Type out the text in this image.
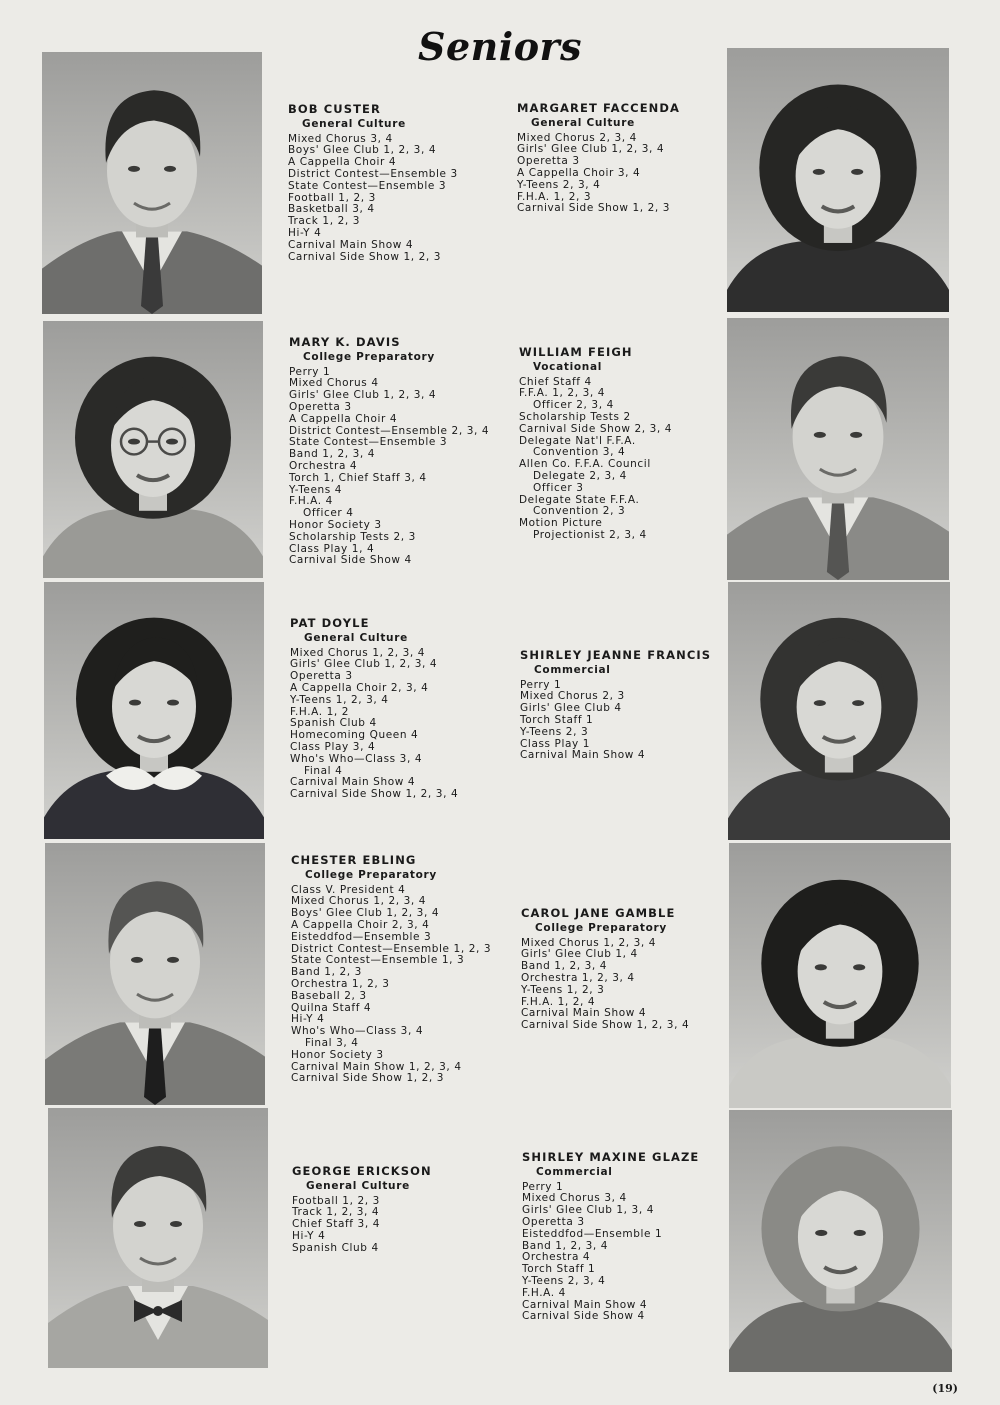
Seniors
BOB CUSTER
General Culture
Mixed Chorus 3, 4
Boys' Glee Club 1, 2, 3, 4
A Cappella Choir 4
District Contest—Ensemble 3
State Contest—Ensemble 3
Football 1, 2, 3
Basketball 3, 4
Track 1, 2, 3
Hi-Y 4
Carnival Main Show 4
Carnival Side Show 1, 2, 3
MARGARET FACCENDA
General Culture
Mixed Chorus 2, 3, 4
Girls' Glee Club 1, 2, 3, 4
Operetta 3
A Cappella Choir 3, 4
Y-Teens 2, 3, 4
F.H.A. 1, 2, 3
Carnival Side Show 1, 2, 3
MARY K. DAVIS
College Preparatory
Perry 1
Mixed Chorus 4
Girls' Glee Club 1, 2, 3, 4
Operetta 3
A Cappella Choir 4
District Contest—Ensemble 2, 3, 4
State Contest—Ensemble 3
Band 1, 2, 3, 4
Orchestra 4
Torch 1, Chief Staff 3, 4
Y-Teens 4
F.H.A. 4
Officer 4
Honor Society 3
Scholarship Tests 2, 3
Class Play 1, 4
Carnival Side Show 4
WILLIAM FEIGH
Vocational
Chief Staff 4
F.F.A. 1, 2, 3, 4
Officer 2, 3, 4
Scholarship Tests 2
Carnival Side Show 2, 3, 4
Delegate Nat'l F.F.A.
Convention 3, 4
Allen Co. F.F.A. Council
Delegate 2, 3, 4
Officer 3
Delegate State F.F.A.
Convention 2, 3
Motion Picture
Projectionist 2, 3, 4
PAT DOYLE
General Culture
Mixed Chorus 1, 2, 3, 4
Girls' Glee Club 1, 2, 3, 4
Operetta 3
A Cappella Choir 2, 3, 4
Y-Teens 1, 2, 3, 4
F.H.A. 1, 2
Spanish Club 4
Homecoming Queen 4
Class Play 3, 4
Who's Who—Class 3, 4
Final 4
Carnival Main Show 4
Carnival Side Show 1, 2, 3, 4
SHIRLEY JEANNE FRANCIS
Commercial
Perry 1
Mixed Chorus 2, 3
Girls' Glee Club 4
Torch Staff 1
Y-Teens 2, 3
Class Play 1
Carnival Main Show 4
CHESTER EBLING
College Preparatory
Class V. President 4
Mixed Chorus 1, 2, 3, 4
Boys' Glee Club 1, 2, 3, 4
A Cappella Choir 2, 3, 4
Eisteddfod—Ensemble 3
District Contest—Ensemble 1, 2, 3
State Contest—Ensemble 1, 3
Band 1, 2, 3
Orchestra 1, 2, 3
Baseball 2, 3
Quilna Staff 4
Hi-Y 4
Who's Who—Class 3, 4
Final 3, 4
Honor Society 3
Carnival Main Show 1, 2, 3, 4
Carnival Side Show 1, 2, 3
CAROL JANE GAMBLE
College Preparatory
Mixed Chorus 1, 2, 3, 4
Girls' Glee Club 1, 4
Band 1, 2, 3, 4
Orchestra 1, 2, 3, 4
Y-Teens 1, 2, 3
F.H.A. 1, 2, 4
Carnival Main Show 4
Carnival Side Show 1, 2, 3, 4
GEORGE ERICKSON
General Culture
Football 1, 2, 3
Track 1, 2, 3, 4
Chief Staff 3, 4
Hi-Y 4
Spanish Club 4
SHIRLEY MAXINE GLAZE
Commercial
Perry 1
Mixed Chorus 3, 4
Girls' Glee Club 1, 3, 4
Operetta 3
Eisteddfod—Ensemble 1
Band 1, 2, 3, 4
Orchestra 4
Torch Staff 1
Y-Teens 2, 3, 4
F.H.A. 4
Carnival Main Show 4
Carnival Side Show 4
(19)
